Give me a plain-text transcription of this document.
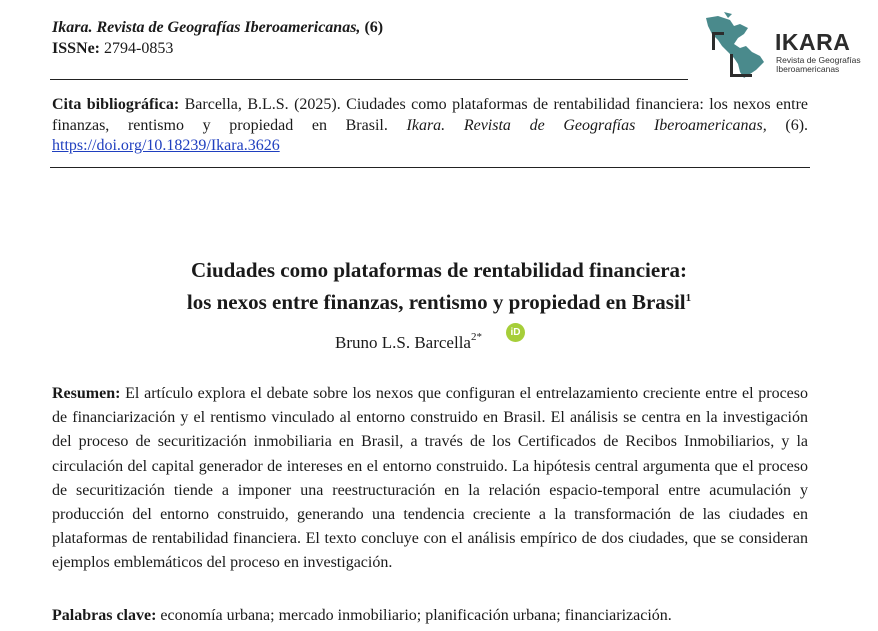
Ikara. Revista de Geografías Iberoamericanas, (6)
ISSNe: 2794-0853	IKARA
Revista de Geografías
Iberoamericanas
Cita bibliográfica: Barcella, B.L.S. (2025). Ciudades como plataformas de rentabilidad financiera: los nexos entre finanzas, rentismo y propiedad en Brasil. Ikara. Revista de Geografías Iberoamericanas, (6). https://doi.org/10.18239/Ikara.3626
Ciudades como plataformas de rentabilidad financiera:
los nexos entre finanzas, rentismo y propiedad en Brasil$^1$
Bruno L.S. Barcella$^{2*}$	iD
Resumen: El artículo explora el debate sobre los nexos que configuran el entrelazamiento creciente entre el proceso de financiarización y el rentismo vinculado al entorno construido en Brasil. El análisis se centra en la investigación del proceso de securitización inmobiliaria en Brasil, a través de los Certificados de Recibos Inmobiliarios, y la circulación del capital generador de intereses en el entorno construido. La hipótesis central argumenta que el proceso de securitización tiende a imponer una reestructuración en la relación espacio-temporal entre acumulación y producción del entorno construido, generando una tendencia creciente a la transformación de las ciudades en plataformas de rentabilidad financiera. El texto concluye con el análisis empírico de dos ciudades, que se consideran ejemplos emblemáticos del proceso en investigación.
Palabras clave: economía urbana; mercado inmobiliario; planificación urbana; financiarización.
